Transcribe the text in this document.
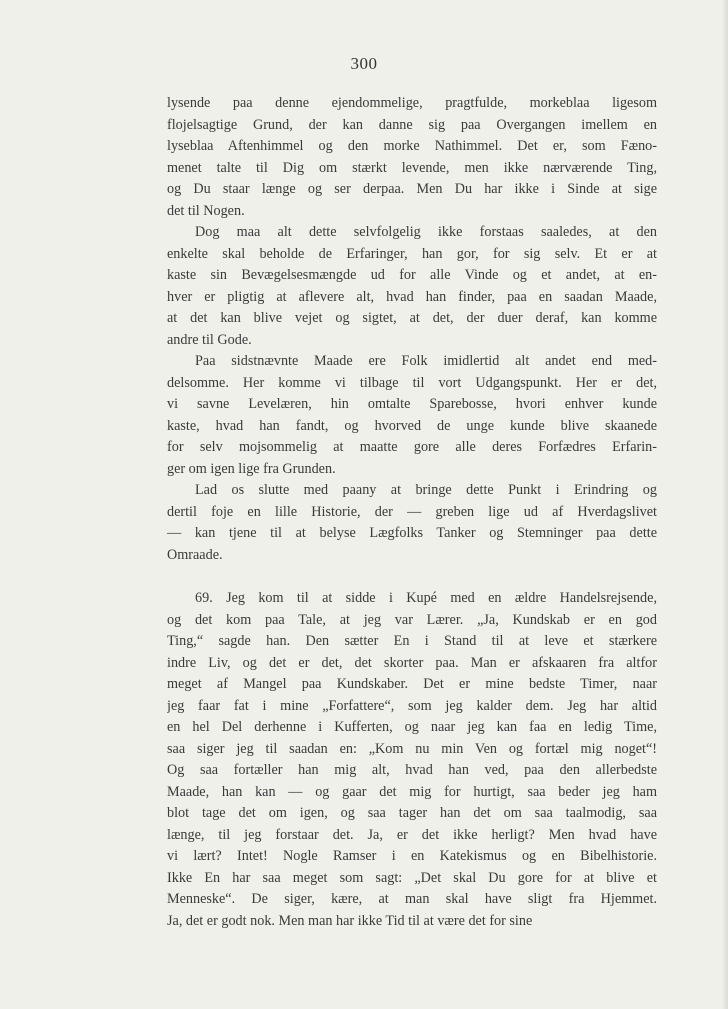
300
lysende paa denne ejendommelige, pragtfulde, morkeblaa ligesom
flojelsagtige Grund, der kan danne sig paa Overgangen imellem en
lyseblaa Aftenhimmel og den morke Nathimmel. Det er, som Fæno-
menet talte til Dig om stærkt levende, men ikke nærværende Ting,
og Du staar længe og ser derpaa. Men Du har ikke i Sinde at sige
det til Nogen.
Dog maa alt dette selvfolgelig ikke forstaas saaledes, at den
enkelte skal beholde de Erfaringer, han gor, for sig selv. Et er at
kaste sin Bevægelsesmængde ud for alle Vinde og et andet, at en-
hver er pligtig at aflevere alt, hvad han finder, paa en saadan Maade,
at det kan blive vejet og sigtet, at det, der duer deraf, kan komme
andre til Gode.
Paa sidstnævnte Maade ere Folk imidlertid alt andet end med-
delsomme. Her komme vi tilbage til vort Udgangspunkt. Her er det,
vi savne Levelæren, hin omtalte Sparebosse, hvori enhver kunde
kaste, hvad han fandt, og hvorved de unge kunde blive skaanede
for selv mojsommelig at maatte gore alle deres Forfædres Erfarin-
ger om igen lige fra Grunden.
Lad os slutte med paany at bringe dette Punkt i Erindring og
dertil foje en lille Historie, der — greben lige ud af Hverdagslivet
— kan tjene til at belyse Lægfolks Tanker og Stemninger paa dette
Omraade.
69. Jeg kom til at sidde i Kupé med en ældre Handelsrejsende,
og det kom paa Tale, at jeg var Lærer. „Ja, Kundskab er en god
Ting,“ sagde han. Den sætter En i Stand til at leve et stærkere
indre Liv, og det er det, det skorter paa. Man er afskaaren fra altfor
meget af Mangel paa Kundskaber. Det er mine bedste Timer, naar
jeg faar fat i mine „Forfattere“, som jeg kalder dem. Jeg har altid
en hel Del derhenne i Kufferten, og naar jeg kan faa en ledig Time,
saa siger jeg til saadan en: „Kom nu min Ven og fortæl mig noget“!
Og saa fortæller han mig alt, hvad han ved, paa den allerbedste
Maade, han kan — og gaar det mig for hurtigt, saa beder jeg ham
blot tage det om igen, og saa tager han det om saa taalmodig, saa
længe, til jeg forstaar det. Ja, er det ikke herligt? Men hvad have
vi lært? Intet! Nogle Ramser i en Katekismus og en Bibelhistorie.
Ikke En har saa meget som sagt: „Det skal Du gore for at blive et
Menneske“. De siger, kære, at man skal have sligt fra Hjemmet.
Ja, det er godt nok. Men man har ikke Tid til at være det for sine
